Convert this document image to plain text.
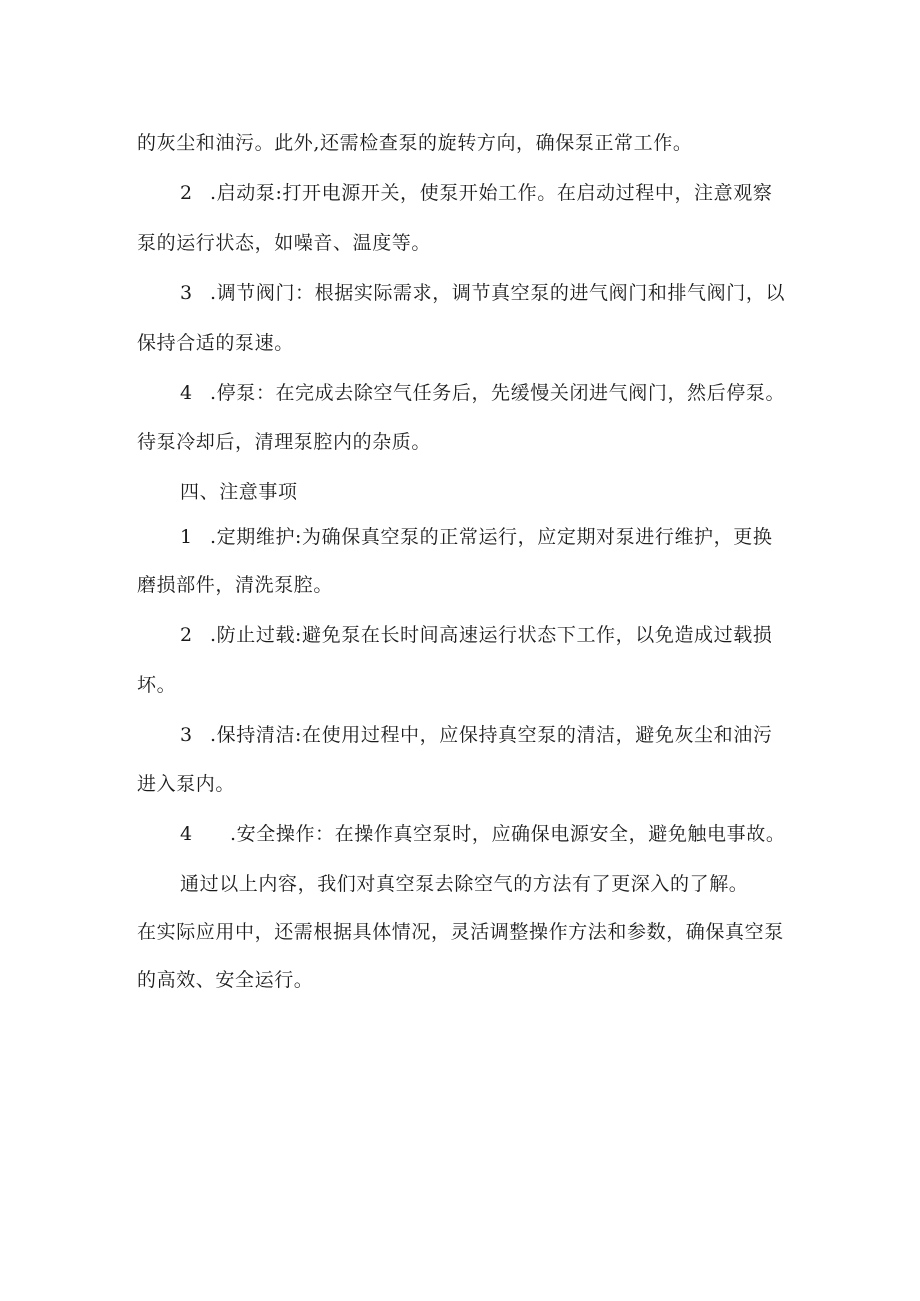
的灰尘和油污。此外,还需检查泵的旋转方向，确保泵正常工作。
2 .启动泵:打开电源开关，使泵开始工作。在启动过程中，注意观察
泵的运行状态，如噪音、温度等。
3 .调节阀门：根据实际需求，调节真空泵的进气阀门和排气阀门，以
保持合适的泵速。
4 .停泵：在完成去除空气任务后，先缓慢关闭进气阀门，然后停泵。
待泵冷却后，清理泵腔内的杂质。
四、注意事项
1 .定期维护:为确保真空泵的正常运行，应定期对泵进行维护，更换
磨损部件，清洗泵腔。
2 .防止过载:避免泵在长时间高速运行状态下工作，以免造成过载损
坏。
3 .保持清洁:在使用过程中，应保持真空泵的清洁，避免灰尘和油污
进入泵内。
4 .安全操作：在操作真空泵时，应确保电源安全，避免触电事故。
通过以上内容，我们对真空泵去除空气的方法有了更深入的了解。
在实际应用中，还需根据具体情况，灵活调整操作方法和参数，确保真空泵
的高效、安全运行。
